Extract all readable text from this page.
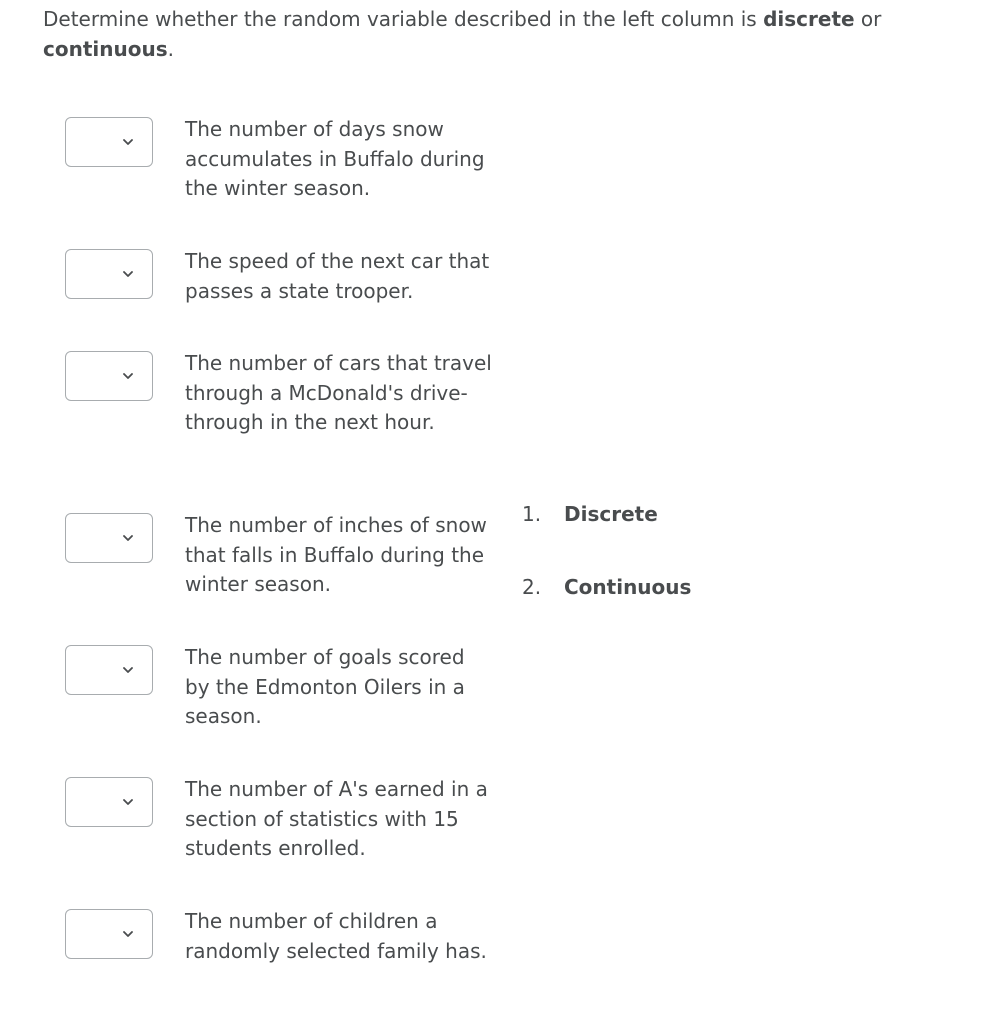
Determine whether the random variable described in the left column is discrete or continuous.

The number of days snow accumulates in Buffalo during the winter season.
The speed of the next car that passes a state trooper.
The number of cars that travel through a McDonald's drive-through in the next hour.
The number of inches of snow that falls in Buffalo during the winter season.
The number of goals scored by the Edmonton Oilers in a season.
The number of A's earned in a section of statistics with 15 students enrolled.
The number of children a randomly selected family has.
1. Discrete
2. Continuous
